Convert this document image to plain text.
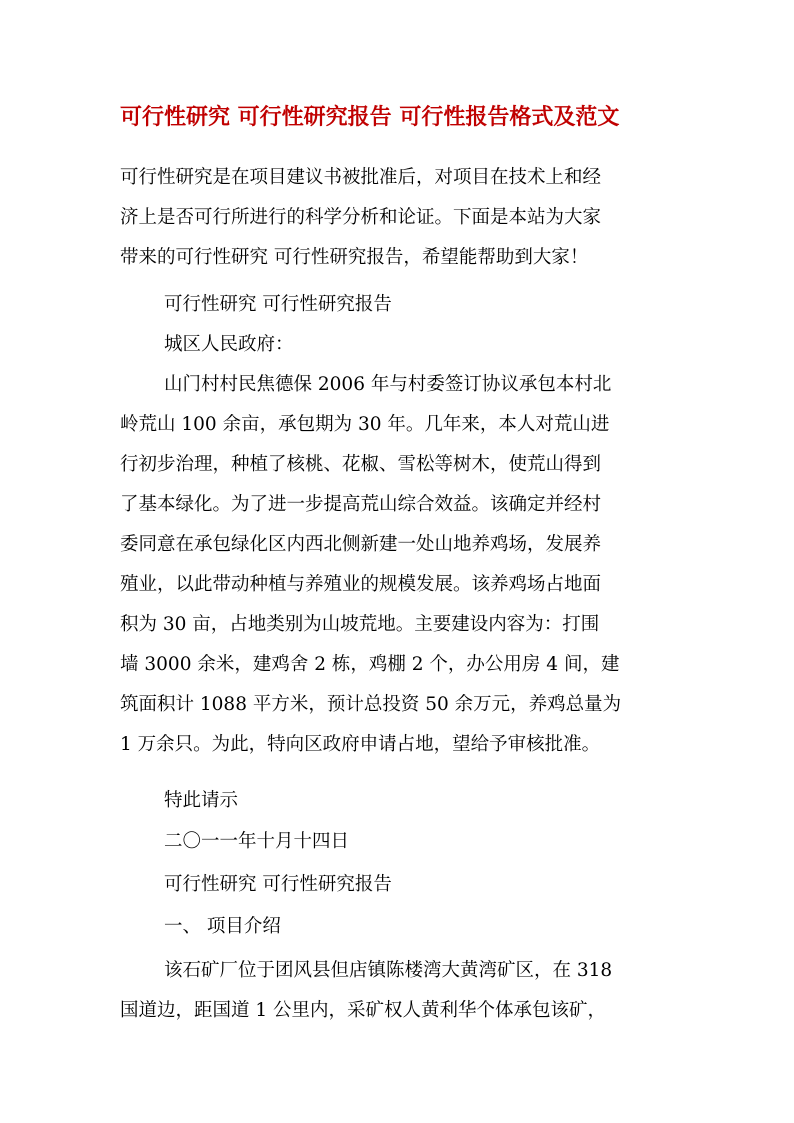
可行性研究 可行性研究报告 可行性报告格式及范文
可行性研究是在项目建议书被批准后，对项目在技术上和经
济上是否可行所进行的科学分析和论证。下面是本站为大家
带来的可行性研究 可行性研究报告，希望能帮助到大家！
可行性研究 可行性研究报告
城区人民政府：
山门村村民焦德保 2006 年与村委签订协议承包本村北
岭荒山 100 余亩，承包期为 30 年。几年来，本人对荒山进
行初步治理，种植了核桃、花椒、雪松等树木，使荒山得到
了基本绿化。为了进一步提高荒山综合效益。该确定并经村
委同意在承包绿化区内西北侧新建一处山地养鸡场，发展养
殖业，以此带动种植与养殖业的规模发展。该养鸡场占地面
积为 30 亩，占地类别为山坡荒地。主要建设内容为：打围
墙 3000 余米，建鸡舍 2 栋，鸡棚 2 个，办公用房 4 间，建
筑面积计 1088 平方米，预计总投资 50 余万元，养鸡总量为
1 万余只。为此，特向区政府申请占地，望给予审核批准。
特此请示
二〇一一年十月十四日
可行性研究 可行性研究报告
一、 项目介绍
该石矿厂位于团风县但店镇陈楼湾大黄湾矿区，在 318
国道边，距国道 1 公里内，采矿权人黄利华个体承包该矿，
